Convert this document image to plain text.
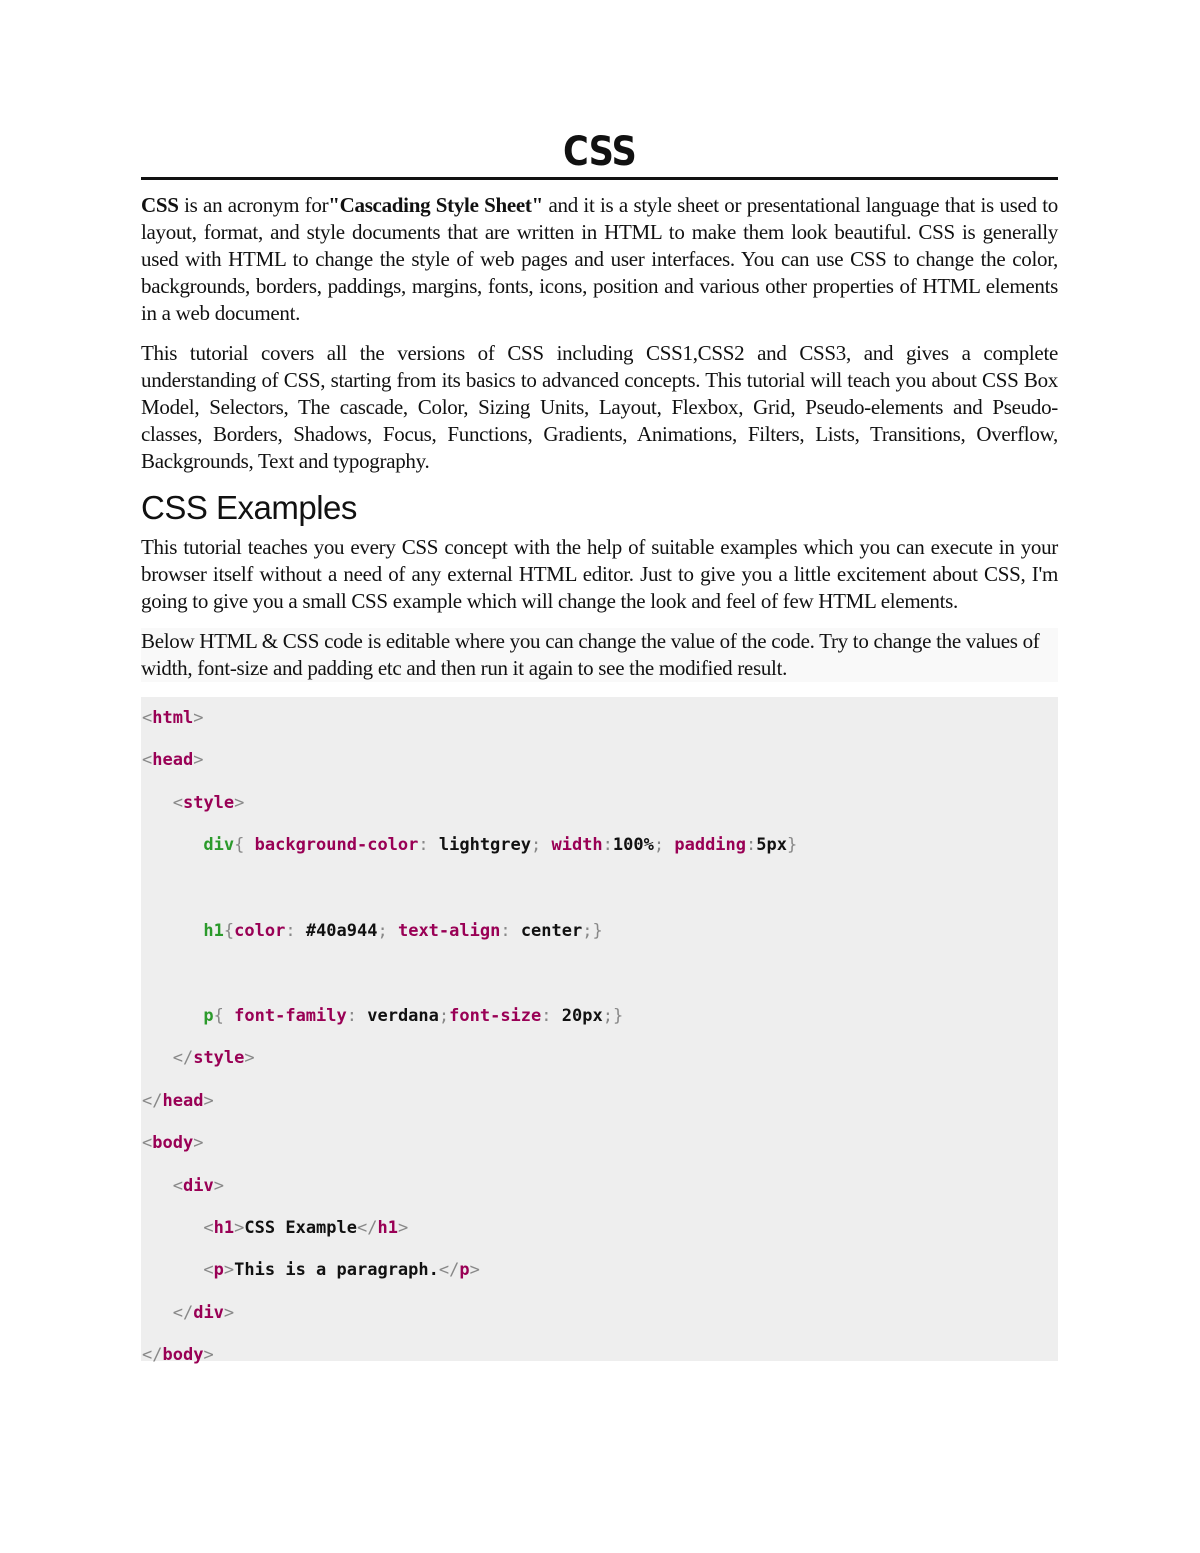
CSS

CSS is an acronym for"Cascading Style Sheet" and it is a style sheet or presentational language that is used to layout, format, and style documents that are written in HTML to make them look beautiful. CSS is generally used with HTML to change the style of web pages and user interfaces. You can use CSS to change the color, backgrounds, borders, paddings, margins, fonts, icons, position and various other properties of HTML elements in a web document.

This tutorial covers all the versions of CSS including CSS1,CSS2 and CSS3, and gives a complete understanding of CSS, starting from its basics to advanced concepts. This tutorial will teach you about CSS Box Model, Selectors, The cascade, Color, Sizing Units, Layout, Flexbox, Grid, Pseudo-elements and Pseudo-classes, Borders, Shadows, Focus, Functions, Gradients, Animations, Filters, Lists, Transitions, Overflow, Backgrounds, Text and typography.

CSS Examples

This tutorial teaches you every CSS concept with the help of suitable examples which you can execute in your browser itself without a need of any external HTML editor. Just to give you a little excitement about CSS, I'm going to give you a small CSS example which will change the look and feel of few HTML elements.

Below HTML & CSS code is editable where you can change the value of the code. Try to change the values of width, font-size and padding etc and then run it again to see the modified result.

<html>
<head>
<style>
div{ background-color: lightgrey; width:100%; padding:5px}
h1{color: #40a944; text-align: center;}
p{ font-family: verdana;font-size: 20px;}
</style>
</head>
<body>
<div>
<h1>CSS Example</h1>
<p>This is a paragraph.</p>
</div>
</body>
